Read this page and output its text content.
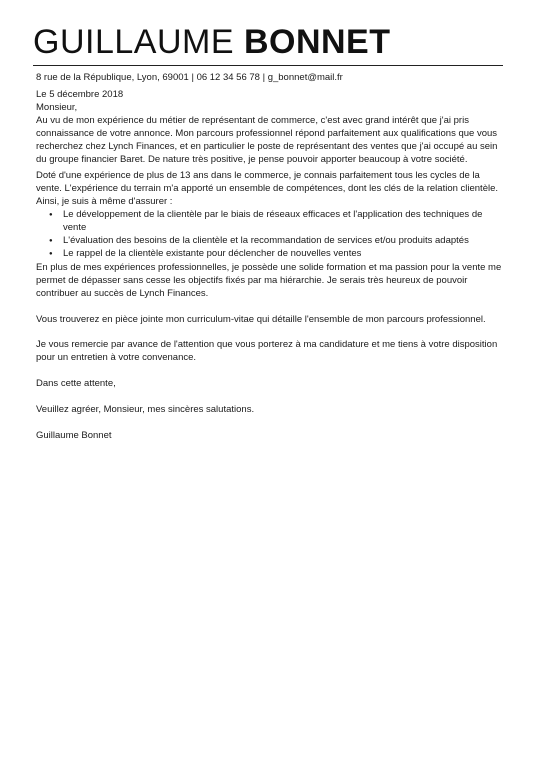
GUILLAUME BONNET
8 rue de la République, Lyon, 69001 | 06 12 34 56 78 | g_bonnet@mail.fr

Le 5 décembre 2018

Monsieur,

Au vu de mon expérience du métier de représentant de commerce, c'est avec grand intérêt que j'ai pris connaissance de votre annonce. Mon parcours professionnel répond parfaitement aux qualifications que vous recherchez chez Lynch Finances, et en particulier le poste de représentant des ventes que j'ai occupé au sein du groupe financier Baret. De nature très positive, je pense pouvoir apporter beaucoup à votre société.

Doté d'une expérience de plus de 13 ans dans le commerce, je connais parfaitement tous les cycles de la vente. L'expérience du terrain m'a apporté un ensemble de compétences, dont les clés de la relation clientèle. Ainsi, je suis à même d'assurer :

● Le développement de la clientèle par le biais de réseaux efficaces et l'application des techniques de vente
● L'évaluation des besoins de la clientèle et la recommandation de services et/ou produits adaptés
● Le rappel de la clientèle existante pour déclencher de nouvelles ventes

En plus de mes expériences professionnelles, je possède une solide formation et ma passion pour la vente me permet de dépasser sans cesse les objectifs fixés par ma hiérarchie. Je serais très heureux de pouvoir contribuer au succès de Lynch Finances.

Vous trouverez en pièce jointe mon curriculum-vitae qui détaille l'ensemble de mon parcours professionnel.

Je vous remercie par avance de l'attention que vous porterez à ma candidature et me tiens à votre disposition pour un entretien à votre convenance.

Dans cette attente,

Veuillez agréer, Monsieur, mes sincères salutations.

Guillaume Bonnet
